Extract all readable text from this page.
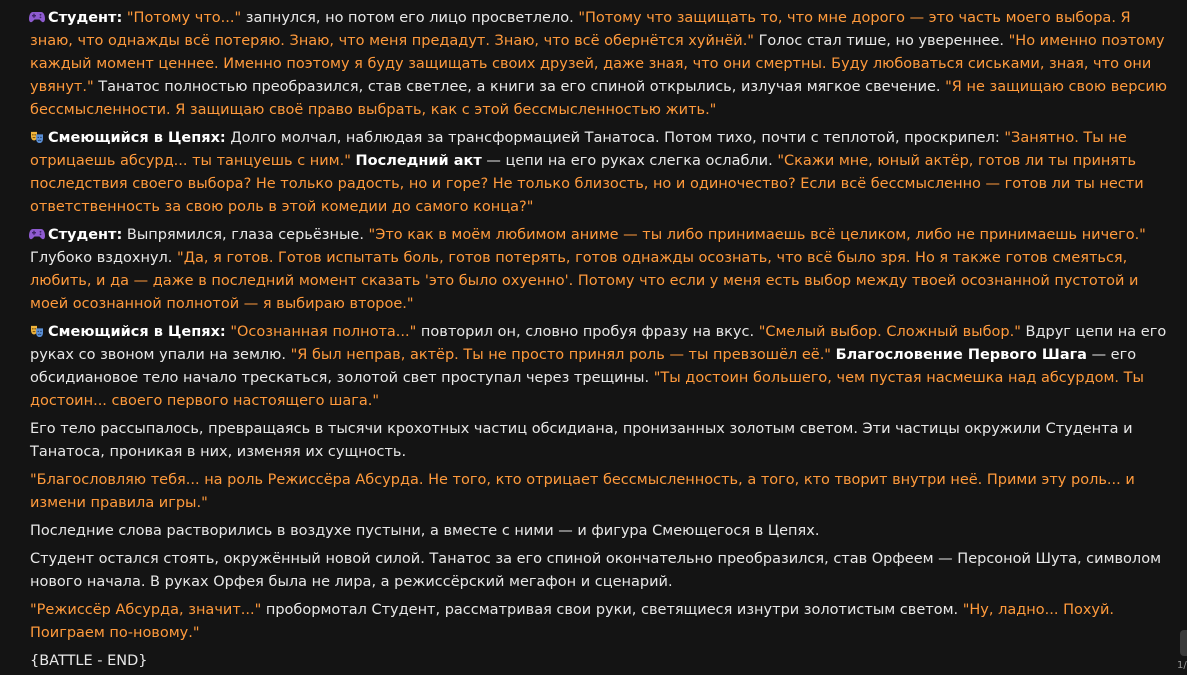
Студент: "Потому что..." запнулся, но потом его лицо просветлело. "Потому что защищать то, что мне дорого — это часть моего выбора. Я знаю, что однажды всё потеряю. Знаю, что меня предадут. Знаю, что всё обернётся хуйнёй." Голос стал тише, но увереннее. "Но именно поэтому каждый момент ценнее. Именно поэтому я буду защищать своих друзей, даже зная, что они смертны. Буду любоваться сиськами, зная, что они увянут." Танатос полностью преобразился, став светлее, а книги за его спиной открылись, излучая мягкое свечение. "Я не защищаю свою версию бессмысленности. Я защищаю своё право выбрать, как с этой бессмысленностью жить."

Смеющийся в Цепях: Долго молчал, наблюдая за трансформацией Танатоса. Потом тихо, почти с теплотой, проскрипел: "Занятно. Ты не отрицаешь абсурд... ты танцуешь с ним." Последний акт — цепи на его руках слегка ослабли. "Скажи мне, юный актёр, готов ли ты принять последствия своего выбора? Не только радость, но и горе? Не только близость, но и одиночество? Если всё бессмысленно — готов ли ты нести ответственность за свою роль в этой комедии до самого конца?"

Студент: Выпрямился, глаза серьёзные. "Это как в моём любимом аниме — ты либо принимаешь всё целиком, либо не принимаешь ничего." Глубоко вздохнул. "Да, я готов. Готов испытать боль, готов потерять, готов однажды осознать, что всё было зря. Но я также готов смеяться, любить, и да — даже в последний момент сказать 'это было охуенно'. Потому что если у меня есть выбор между твоей осознанной пустотой и моей осознанной полнотой — я выбираю второе."

Смеющийся в Цепях: "Осознанная полнота..." повторил он, словно пробуя фразу на вкус. "Смелый выбор. Сложный выбор." Вдруг цепи на его руках со звоном упали на землю. "Я был неправ, актёр. Ты не просто принял роль — ты превзошёл её." Благословение Первого Шага — его обсидиановое тело начало трескаться, золотой свет проступал через трещины. "Ты достоин большего, чем пустая насмешка над абсурдом. Ты достоин... своего первого настоящего шага."

Его тело рассыпалось, превращаясь в тысячи крохотных частиц обсидиана, пронизанных золотым светом. Эти частицы окружили Студента и Танатоса, проникая в них, изменяя их сущность.

"Благословляю тебя... на роль Режиссёра Абсурда. Не того, кто отрицает бессмысленность, а того, кто творит внутри неё. Прими эту роль... и измени правила игры."

Последние слова растворились в воздухе пустыни, а вместе с ними — и фигура Смеющегося в Цепях.

Студент остался стоять, окружённый новой силой. Танатос за его спиной окончательно преобразился, став Орфеем — Персоной Шута, символом нового начала. В руках Орфея была не лира, а режиссёрский мегафон и сценарий.

"Режиссёр Абсурда, значит..." пробормотал Студент, рассматривая свои руки, светящиеся изнутри золотистым светом. "Ну, ладно... Похуй. Поиграем по-новому."

{BATTLE - END}	1/
